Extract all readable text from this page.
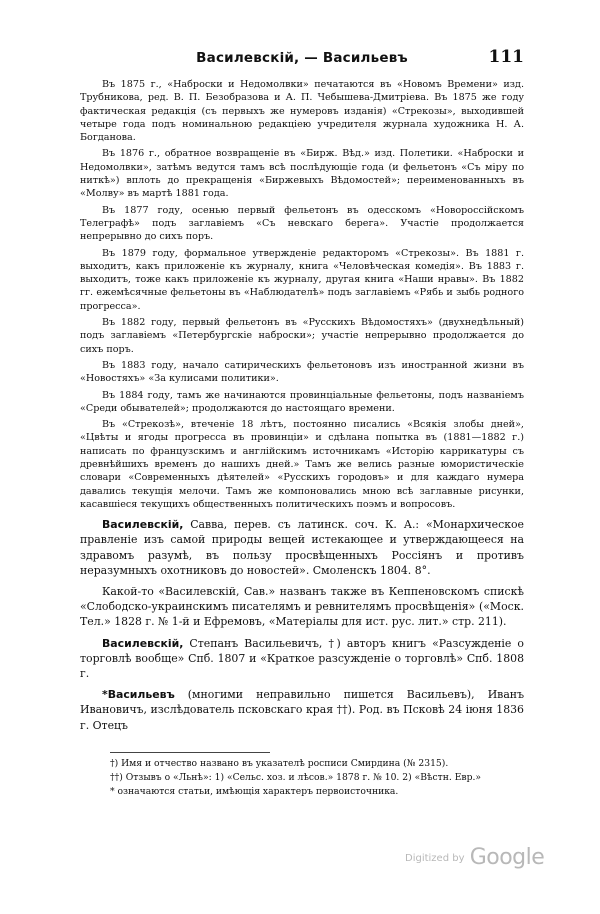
Василевскій, — Васильевъ	111

Въ 1875 г., «Наброски и Недомолвки» печатаются въ «Новомъ Времени» изд. Трубникова, ред. В. П. Безобразова и А. П. Чебышева-Дмитріева. Въ 1875 же году фактическая редакція (съ первыхъ же нумеровъ изданія) «Стрекозы», выходившей четыре года подъ номинальною редакціею учредителя журнала художника Н. А. Богданова.

Въ 1876 г., обратное возвращеніе въ «Бирж. Вѣд.» изд. Полетики. «Наброски и Недомолвки», затѣмъ ведутся тамъ всѣ послѣдующіе года (и фельетонъ «Съ міру по ниткѣ») вплоть до прекращенія «Биржевыхъ Вѣдомостей»; переименованныхъ въ «Молву» въ мартѣ 1881 года.

Въ 1877 году, осенью первый фельетонъ въ одесскомъ «Новороссійскомъ Телеграфѣ» подъ заглавіемъ «Съ невскаго берега». Участіе продолжается непрерывно до сихъ поръ.

Въ 1879 году, формальное утвержденіе редакторомъ «Стрекозы». Въ 1881 г. выходитъ, какъ приложеніе къ журналу, книга «Человѣческая комедія». Въ 1883 г. выходитъ, тоже какъ приложеніе къ журналу, другая книга «Наши нравы». Въ 1882 гг. ежемѣсячные фельетоны въ «Наблюдателѣ» подъ заглавіемъ «Рябь и зыбь родного прогресса».

Въ 1882 году, первый фельетонъ въ «Русскихъ Вѣдомостяхъ» (двухнедѣльный) подъ заглавіемъ «Петербургскіе наброски»; участіе непрерывно продолжается до сихъ поръ.

Въ 1883 году, начало сатирическихъ фельетоновъ изъ иностранной жизни въ «Новостяхъ» «За кулисами политики».

Въ 1884 году, тамъ же начинаются провинціальные фельетоны, подъ названіемъ «Среди обывателей»; продолжаются до настоящаго времени.

Въ «Стрекозѣ», втеченіе 18 лѣтъ, постоянно писались «Всякія злобы дней», «Цвѣты и ягоды прогресса въ провинціи» и сдѣлана попытка въ (1881—1882 г.) написать по французскимъ и англійскимъ источникамъ «Исторію каррикатуры съ древнѣйшихъ временъ до нашихъ дней.» Тамъ же велись разные юмористическіе словари «Современныхъ дѣятелей» «Русскихъ городовъ» и для каждаго нумера давались текущія мелочи. Тамъ же компоновались мною всѣ заглавные рисунки, касавшіеся текущихъ общественныхъ политическихъ поэмъ и вопросовъ.

Василевскій, Савва, перев. съ латинск. соч. К. А.: «Монархическое правленіе изъ самой природы вещей истекающее и утверждающееся на здравомъ разумѣ, въ пользу просвѣщенныхъ Россіянъ и противъ неразумныхъ охотниковъ до новостей». Смоленскъ 1804. 8°.

Какой-то «Василевскій, Сав.» названъ также въ Кеппеновскомъ спискѣ «Слободско-украинскимъ писателямъ и ревнителямъ просвѣщенія» («Моск. Тел.» 1828 г. № 1-й и Ефремовъ, «Матеріалы для ист. рус. лит.» стр. 211).

Василевскій, Степанъ Васильевичъ, †) авторъ книгъ «Разсужденіе о торговлѣ вообще» Спб. 1807 и «Краткое разсужденіе о торговлѣ» Спб. 1808 г.

*Васильевъ (многими неправильно пишется Васильевъ), Иванъ Ивановичъ, изслѣдователь псковскаго края ††). Род. въ Псковѣ 24 іюня 1836 г. Отецъ

†) Имя и отчество названо въ указателѣ росписи Смирдина (№ 2315).
††) Отзывъ о «Льнѣ»: 1) «Сельс. хоз. и лѣсов.» 1878 г. № 10. 2) «Вѣстн. Евр.»
* означаются статьи, имѣющія характеръ первоисточника.
Digitized by Google
